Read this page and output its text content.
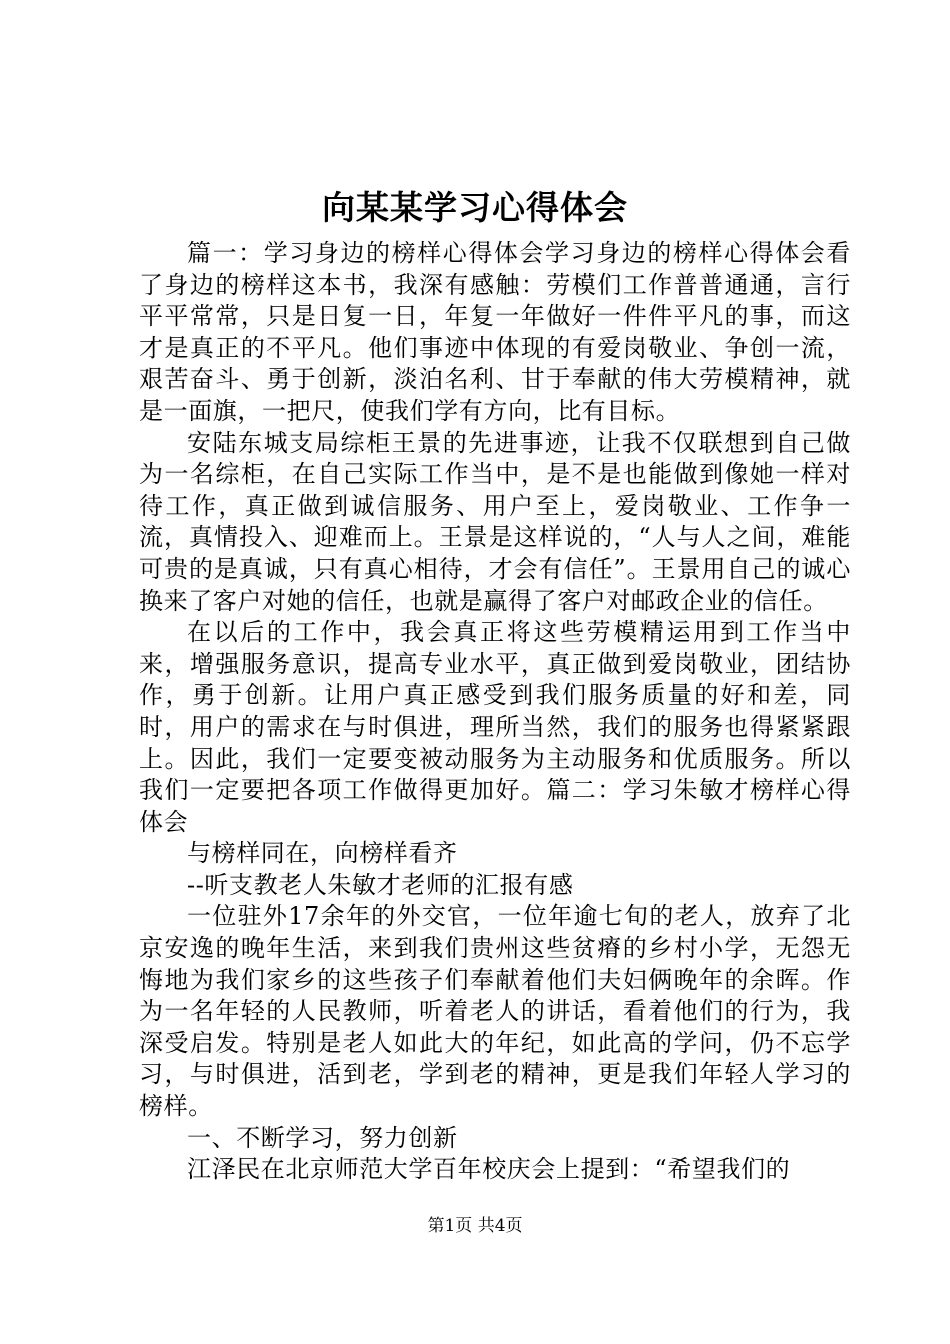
向某某学习心得体会

篇一：学习身边的榜样心得体会学习身边的榜样心得体会看了身边的榜样这本书，我深有感触：劳模们工作普普通通，言行平平常常，只是日复一日，年复一年做好一件件平凡的事，而这才是真正的不平凡。他们事迹中体现的有爱岗敬业、争创一流，艰苦奋斗、勇于创新，淡泊名利、甘于奉献的伟大劳模精神，就是一面旗，一把尺，使我们学有方向，比有目标。

安陆东城支局综柜王景的先进事迹，让我不仅联想到自己做为一名综柜，在自己实际工作当中，是不是也能做到像她一样对待工作，真正做到诚信服务、用户至上，爱岗敬业、工作争一流，真情投入、迎难而上。王景是这样说的，“人与人之间，难能可贵的是真诚，只有真心相待，才会有信任”。王景用自己的诚心换来了客户对她的信任，也就是赢得了客户对邮政企业的信任。

在以后的工作中，我会真正将这些劳模精运用到工作当中来，增强服务意识，提高专业水平，真正做到爱岗敬业，团结协作，勇于创新。让用户真正感受到我们服务质量的好和差，同时，用户的需求在与时俱进，理所当然，我们的服务也得紧紧跟上。因此，我们一定要变被动服务为主动服务和优质服务。所以我们一定要把各项工作做得更加好。篇二：学习朱敏才榜样心得体会

与榜样同在，向榜样看齐

--听支教老人朱敏才老师的汇报有感

一位驻外17余年的外交官，一位年逾七旬的老人，放弃了北京安逸的晚年生活，来到我们贵州这些贫瘠的乡村小学，无怨无悔地为我们家乡的这些孩子们奉献着他们夫妇俩晚年的余晖。作为一名年轻的人民教师，听着老人的讲话，看着他们的行为，我深受启发。特别是老人如此大的年纪，如此高的学问，仍不忘学习，与时俱进，活到老，学到老的精神，更是我们年轻人学习的榜样。

一、不断学习，努力创新

江泽民在北京师范大学百年校庆会上提到：“希望我们的

第1页 共4页
